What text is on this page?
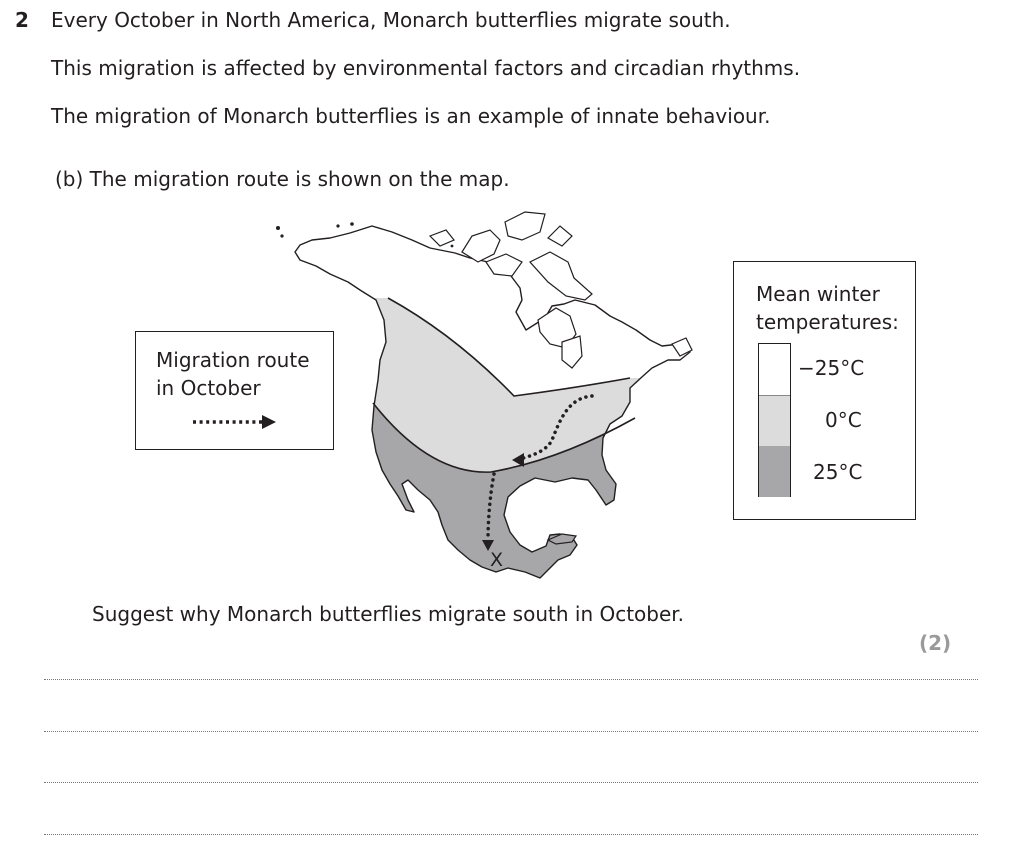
2 Every October in North America, Monarch butterflies migrate south.
This migration is affected by environmental factors and circadian rhythms.
The migration of Monarch butterflies is an example of innate behaviour.
(b) The migration route is shown on the map.
Migration route
in October
X
Mean winter
temperatures:
−25°C
0°C
25°C
Suggest why Monarch butterflies migrate south in October.
(2)
